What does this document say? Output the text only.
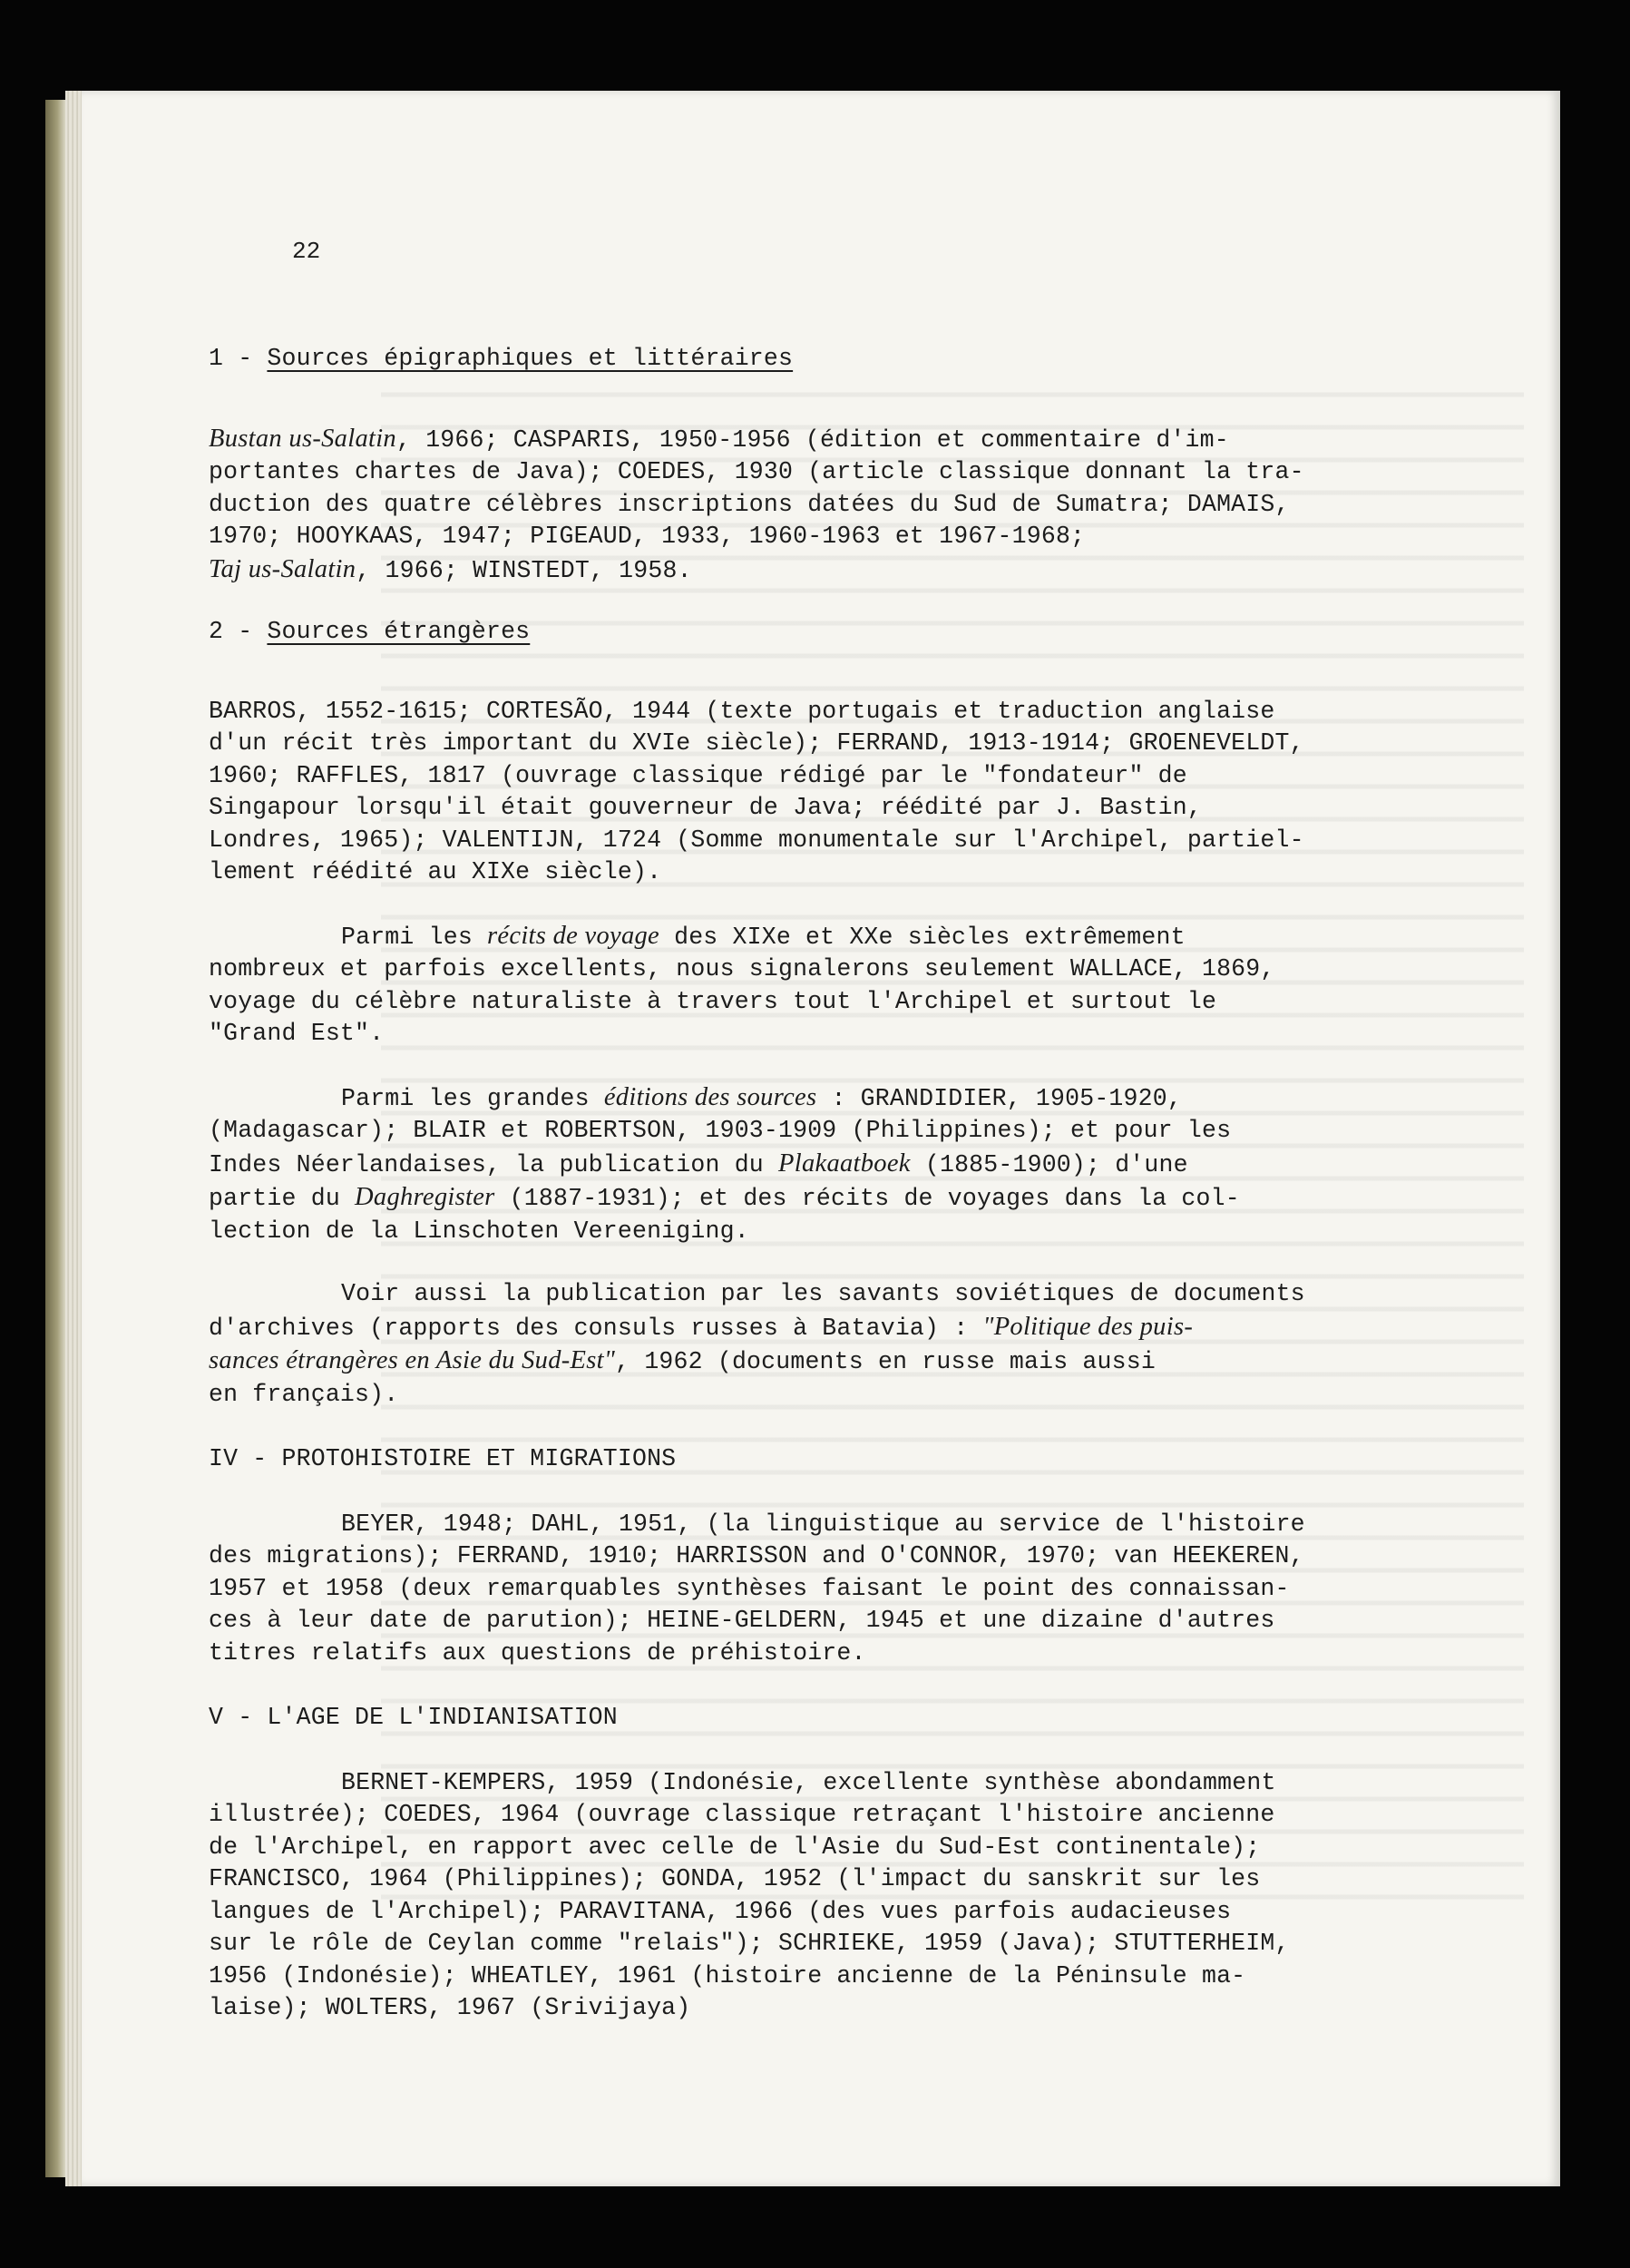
22
1 - Sources épigraphiques et littéraires

Bustan us-Salatin, 1966; CASPARIS, 1950-1956 (édition et commentaire d'im-
portantes chartes de Java); COEDES, 1930 (article classique donnant la tra-
duction des quatre célèbres inscriptions datées du Sud de Sumatra; DAMAIS,
1970; HOOYKAAS, 1947; PIGEAUD, 1933, 1960-1963 et 1967-1968;
Taj us-Salatin, 1966; WINSTEDT, 1958.

2 - Sources étrangères

BARROS, 1552-1615; CORTESÃO, 1944 (texte portugais et traduction anglaise
d'un récit très important du XVIe siècle); FERRAND, 1913-1914; GROENEVELDT,
1960; RAFFLES, 1817 (ouvrage classique rédigé par le "fondateur" de
Singapour lorsqu'il était gouverneur de Java; réédité par J. Bastin,
Londres, 1965); VALENTIJN, 1724 (Somme monumentale sur l'Archipel, partiel-
lement réédité au XIXe siècle).

Parmi les récits de voyage des XIXe et XXe siècles extrêmement
nombreux et parfois excellents, nous signalerons seulement WALLACE, 1869,
voyage du célèbre naturaliste à travers tout l'Archipel et surtout le
"Grand Est".

Parmi les grandes éditions des sources : GRANDIDIER, 1905-1920,
(Madagascar); BLAIR et ROBERTSON, 1903-1909 (Philippines); et pour les
Indes Néerlandaises, la publication du Plakaatboek (1885-1900); d'une
partie du Daghregister (1887-1931); et des récits de voyages dans la col-
lection de la Linschoten Vereeniging.

Voir aussi la publication par les savants soviétiques de documents
d'archives (rapports des consuls russes à Batavia) : "Politique des puis-
sances étrangères en Asie du Sud-Est", 1962 (documents en russe mais aussi
en français).

IV - PROTOHISTOIRE ET MIGRATIONS

BEYER, 1948; DAHL, 1951, (la linguistique au service de l'histoire
des migrations); FERRAND, 1910; HARRISSON and O'CONNOR, 1970; van HEEKEREN,
1957 et 1958 (deux remarquables synthèses faisant le point des connaissan-
ces à leur date de parution); HEINE-GELDERN, 1945 et une dizaine d'autres
titres relatifs aux questions de préhistoire.

V - L'AGE DE L'INDIANISATION

BERNET-KEMPERS, 1959 (Indonésie, excellente synthèse abondamment
illustrée); COEDES, 1964 (ouvrage classique retraçant l'histoire ancienne
de l'Archipel, en rapport avec celle de l'Asie du Sud-Est continentale);
FRANCISCO, 1964 (Philippines); GONDA, 1952 (l'impact du sanskrit sur les
langues de l'Archipel); PARAVITANA, 1966 (des vues parfois audacieuses
sur le rôle de Ceylan comme "relais"); SCHRIEKE, 1959 (Java); STUTTERHEIM,
1956 (Indonésie); WHEATLEY, 1961 (histoire ancienne de la Péninsule ma-
laise); WOLTERS, 1967 (Srivijaya)
